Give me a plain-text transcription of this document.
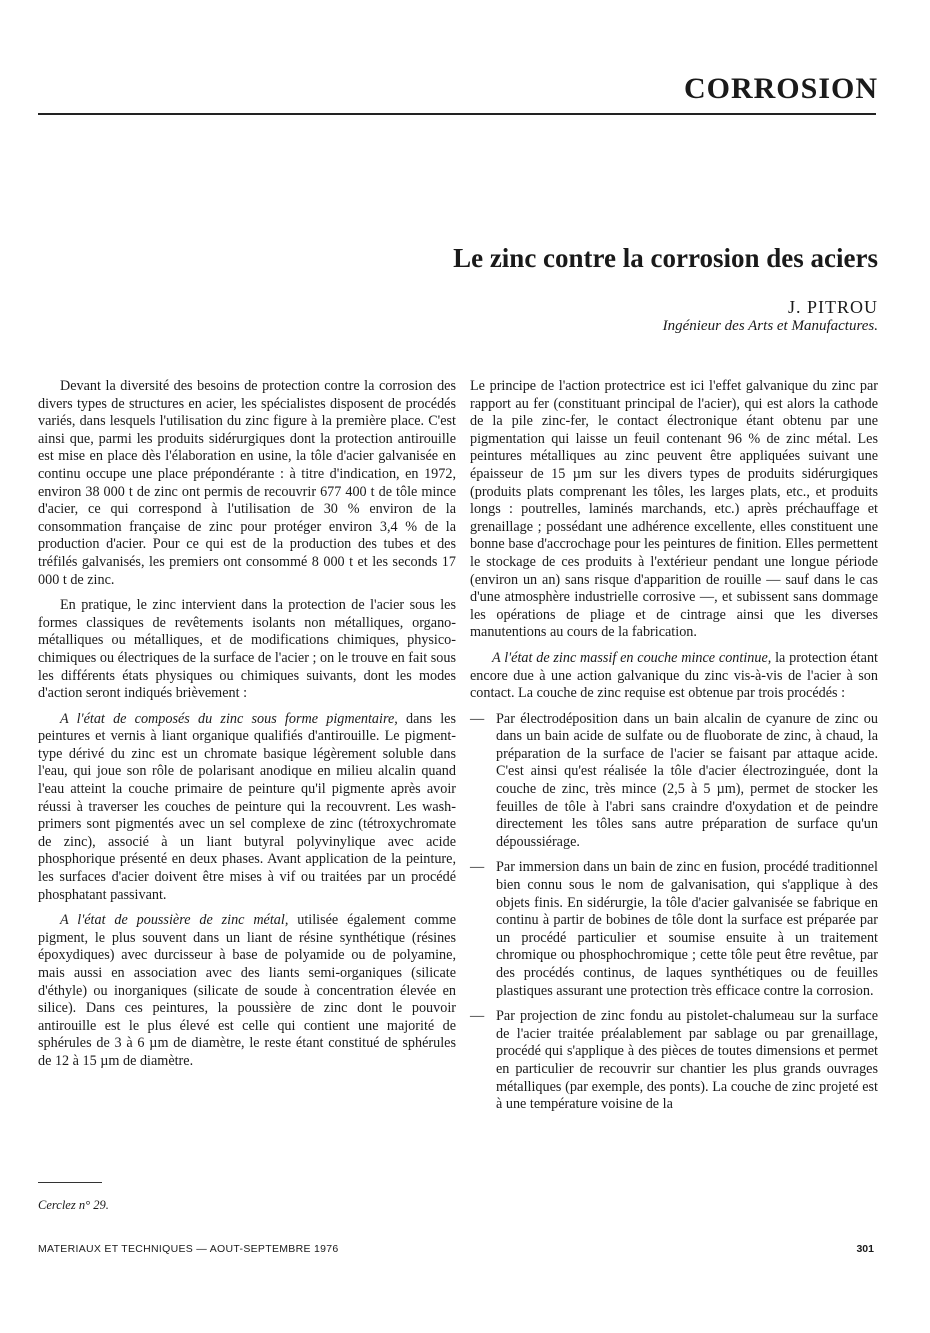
CORROSION
Le zinc contre la corrosion des aciers
J. PITROU
Ingénieur des Arts et Manufactures.

Devant la diversité des besoins de protection contre la corrosion des divers types de structures en acier, les spécialistes disposent de procédés variés, dans lesquels l'utilisation du zinc figure à la première place. C'est ainsi que, parmi les produits sidérurgiques dont la protection antirouille est mise en place dès l'élaboration en usine, la tôle d'acier galvanisée en continu occupe une place prépondérante : à titre d'indication, en 1972, environ 38 000 t de zinc ont permis de recouvrir 677 400 t de tôle mince d'acier, ce qui correspond à l'utilisation de 30 % environ de la consommation française de zinc pour protéger environ 3,4 % de la production d'acier. Pour ce qui est de la production des tubes et des tréfilés galvanisés, les premiers ont consommé 8 000 t et les seconds 17 000 t de zinc.

En pratique, le zinc intervient dans la protection de l'acier sous les formes classiques de revêtements isolants non métalliques, organo-métalliques ou métalliques, et de modifications chimiques, physico-chimiques ou électriques de la surface de l'acier ; on le trouve en fait sous les différents états physiques ou chimiques suivants, dont les modes d'action seront indiqués brièvement :

A l'état de composés du zinc sous forme pigmentaire, dans les peintures et vernis à liant organique qualifiés d'antirouille. Le pigment-type dérivé du zinc est un chromate basique légèrement soluble dans l'eau, qui joue son rôle de polarisant anodique en milieu alcalin quand l'eau atteint la couche primaire de peinture qu'il pigmente après avoir réussi à traverser les couches de peinture qui la recouvrent. Les wash-primers sont pigmentés avec un sel complexe de zinc (tétroxychromate de zinc), associé à un liant butyral polyvinylique avec acide phosphorique présenté en deux phases. Avant application de la peinture, les surfaces d'acier doivent être mises à vif ou traitées par un procédé phosphatant passivant.

A l'état de poussière de zinc métal, utilisée également comme pigment, le plus souvent dans un liant de résine synthétique (résines époxydiques) avec durcisseur à base de polyamide ou de polyamine, mais aussi en association avec des liants semi-organiques (silicate d'éthyle) ou inorganiques (silicate de soude à concentration élevée en silice). Dans ces peintures, la poussière de zinc dont le pouvoir antirouille est le plus élevé est celle qui contient une majorité de sphérules de 3 à 6 µm de diamètre, le reste étant constitué de sphérules de 12 à 15 µm de diamètre.

Le principe de l'action protectrice est ici l'effet galvanique du zinc par rapport au fer (constituant principal de l'acier), qui est alors la cathode de la pile zinc-fer, le contact électronique étant obtenu par une pigmentation qui laisse un feuil contenant 96 % de zinc métal. Les peintures métalliques au zinc peuvent être appliquées suivant une épaisseur de 15 µm sur les divers types de produits sidérurgiques (produits plats comprenant les tôles, les larges plats, etc., et produits longs : poutrelles, laminés marchands, etc.) après préchauffage et grenaillage ; possédant une adhérence excellente, elles constituent une bonne base d'accrochage pour les peintures de finition. Elles permettent le stockage de ces produits à l'extérieur pendant une longue période (environ un an) sans risque d'apparition de rouille — sauf dans le cas d'une atmosphère industrielle corrosive —, et subissent sans dommage les opérations de pliage et de cintrage ainsi que les diverses manutentions au cours de la fabrication.

A l'état de zinc massif en couche mince continue, la protection étant encore due à une action galvanique du zinc vis-à-vis de l'acier à son contact. La couche de zinc requise est obtenue par trois procédés :

— Par électrodéposition dans un bain alcalin de cyanure de zinc ou dans un bain acide de sulfate ou de fluoborate de zinc, à chaud, la préparation de la surface de l'acier se faisant par attaque acide. C'est ainsi qu'est réalisée la tôle d'acier électrozinguée, dont la couche de zinc, très mince (2,5 à 5 µm), permet de stocker les feuilles de tôle à l'abri sans craindre d'oxydation et de peindre directement les tôles sans autre préparation de surface qu'un dépoussiérage.
— Par immersion dans un bain de zinc en fusion, procédé traditionnel bien connu sous le nom de galvanisation, qui s'applique à des objets finis. En sidérurgie, la tôle d'acier galvanisée se fabrique en continu à partir de bobines de tôle dont la surface est préparée par un procédé particulier et soumise ensuite à un traitement chromique ou phosphochromique ; cette tôle peut être revêtue, par des procédés continus, de laques synthétiques ou de feuilles plastiques assurant une protection très efficace contre la corrosion.
— Par projection de zinc fondu au pistolet-chalumeau sur la surface de l'acier traitée préalablement par sablage ou par grenaillage, procédé qui s'applique à des pièces de toutes dimensions et permet en particulier de recouvrir sur chantier les plus grands ouvrages métalliques (par exemple, des ponts). La couche de zinc projeté est à une température voisine de la
Cerclez n° 29.
MATERIAUX ET TECHNIQUES — AOUT-SEPTEMBRE 1976	301
